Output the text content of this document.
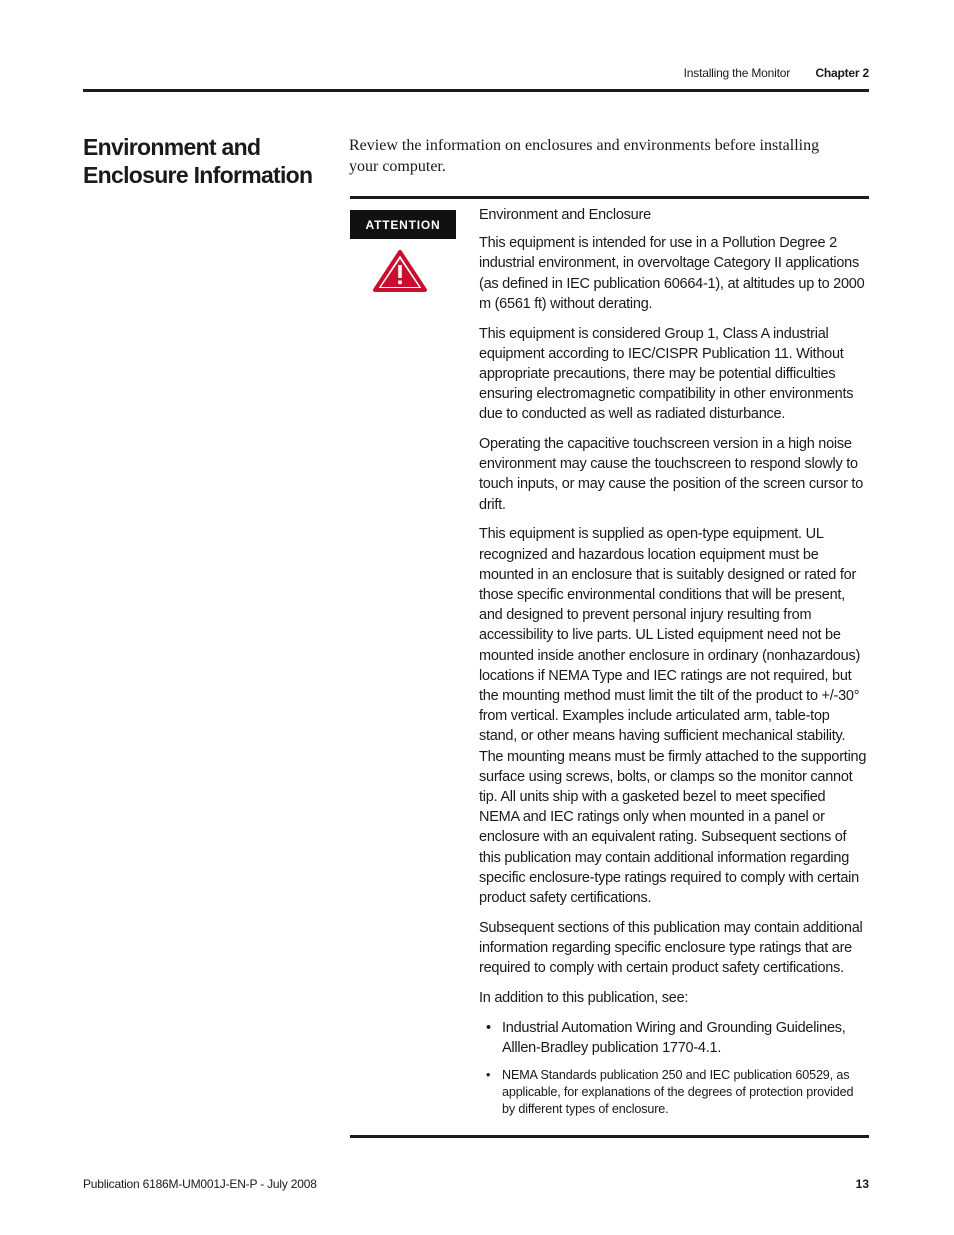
Installing the Monitor Chapter 2
Environment and Enclosure Information

Review the information on enclosures and environments before installing your computer.

ATTENTION

Environment and Enclosure

This equipment is intended for use in a Pollution Degree 2 industrial environment, in overvoltage Category II applications (as defined in IEC publication 60664-1), at altitudes up to 2000 m (6561 ft) without derating.

This equipment is considered Group 1, Class A industrial equipment according to IEC/CISPR Publication 11. Without appropriate precautions, there may be potential difficulties ensuring electromagnetic compatibility in other environments due to conducted as well as radiated disturbance.

Operating the capacitive touchscreen version in a high noise environment may cause the touchscreen to respond slowly to touch inputs, or may cause the position of the screen cursor to drift.

This equipment is supplied as open-type equipment. UL recognized and hazardous location equipment must be mounted in an enclosure that is suitably designed or rated for those specific environmental conditions that will be present, and designed to prevent personal injury resulting from accessibility to live parts. UL Listed equipment need not be mounted inside another enclosure in ordinary (nonhazardous) locations if NEMA Type and IEC ratings are not required, but the mounting method must limit the tilt of the product to +/-30° from vertical. Examples include articulated arm, table-top stand, or other means having sufficient mechanical stability. The mounting means must be firmly attached to the supporting surface using screws, bolts, or clamps so the monitor cannot tip. All units ship with a gasketed bezel to meet specified NEMA and IEC ratings only when mounted in a panel or enclosure with an equivalent rating. Subsequent sections of this publication may contain additional information regarding specific enclosure-type ratings required to comply with certain product safety certifications.

Subsequent sections of this publication may contain additional information regarding specific enclosure type ratings that are required to comply with certain product safety certifications.

In addition to this publication, see:

• Industrial Automation Wiring and Grounding Guidelines, Alllen-Bradley publication 1770-4.1.
• NEMA Standards publication 250 and IEC publication 60529, as applicable, for explanations of the degrees of protection provided by different types of enclosure.
Publication 6186M-UM001J-EN-P - July 2008	13
